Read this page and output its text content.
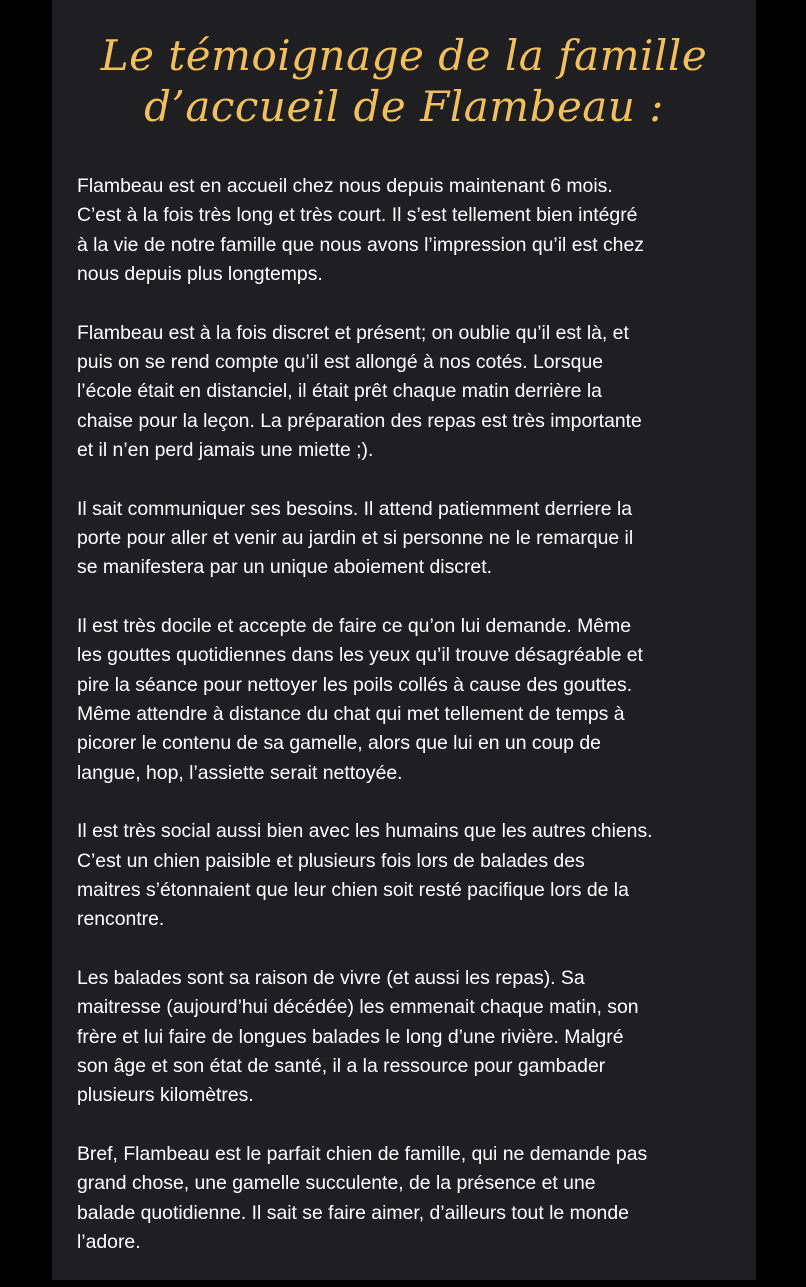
Le témoignage de la famille
d’accueil de Flambeau :

Flambeau est en accueil chez nous depuis maintenant 6 mois.
C’est à la fois très long et très court. Il s’est tellement bien intégré
à la vie de notre famille que nous avons l’impression qu’il est chez
nous depuis plus longtemps.

Flambeau est à la fois discret et présent; on oublie qu’il est là, et
puis on se rend compte qu’il est allongé à nos cotés. Lorsque
l’école était en distanciel, il était prêt chaque matin derrière la
chaise pour la leçon. La préparation des repas est très importante
et il n’en perd jamais une miette ;).

Il sait communiquer ses besoins. Il attend patiemment derriere la
porte pour aller et venir au jardin et si personne ne le remarque il
se manifestera par un unique aboiement discret.

Il est très docile et accepte de faire ce qu’on lui demande. Même
les gouttes quotidiennes dans les yeux qu’il trouve désagréable et
pire la séance pour nettoyer les poils collés à cause des gouttes.
Même attendre à distance du chat qui met tellement de temps à
picorer le contenu de sa gamelle, alors que lui en un coup de
langue, hop, l’assiette serait nettoyée.

Il est très social aussi bien avec les humains que les autres chiens.
C’est un chien paisible et plusieurs fois lors de balades des
maitres s’étonnaient que leur chien soit resté pacifique lors de la
rencontre.

Les balades sont sa raison de vivre (et aussi les repas). Sa
maitresse (aujourd’hui décédée) les emmenait chaque matin, son
frère et lui faire de longues balades le long d’une rivière. Malgré
son âge et son état de santé, il a la ressource pour gambader
plusieurs kilomètres.

Bref, Flambeau est le parfait chien de famille, qui ne demande pas
grand chose, une gamelle succulente, de la présence et une
balade quotidienne. Il sait se faire aimer, d’ailleurs tout le monde
l’adore.
